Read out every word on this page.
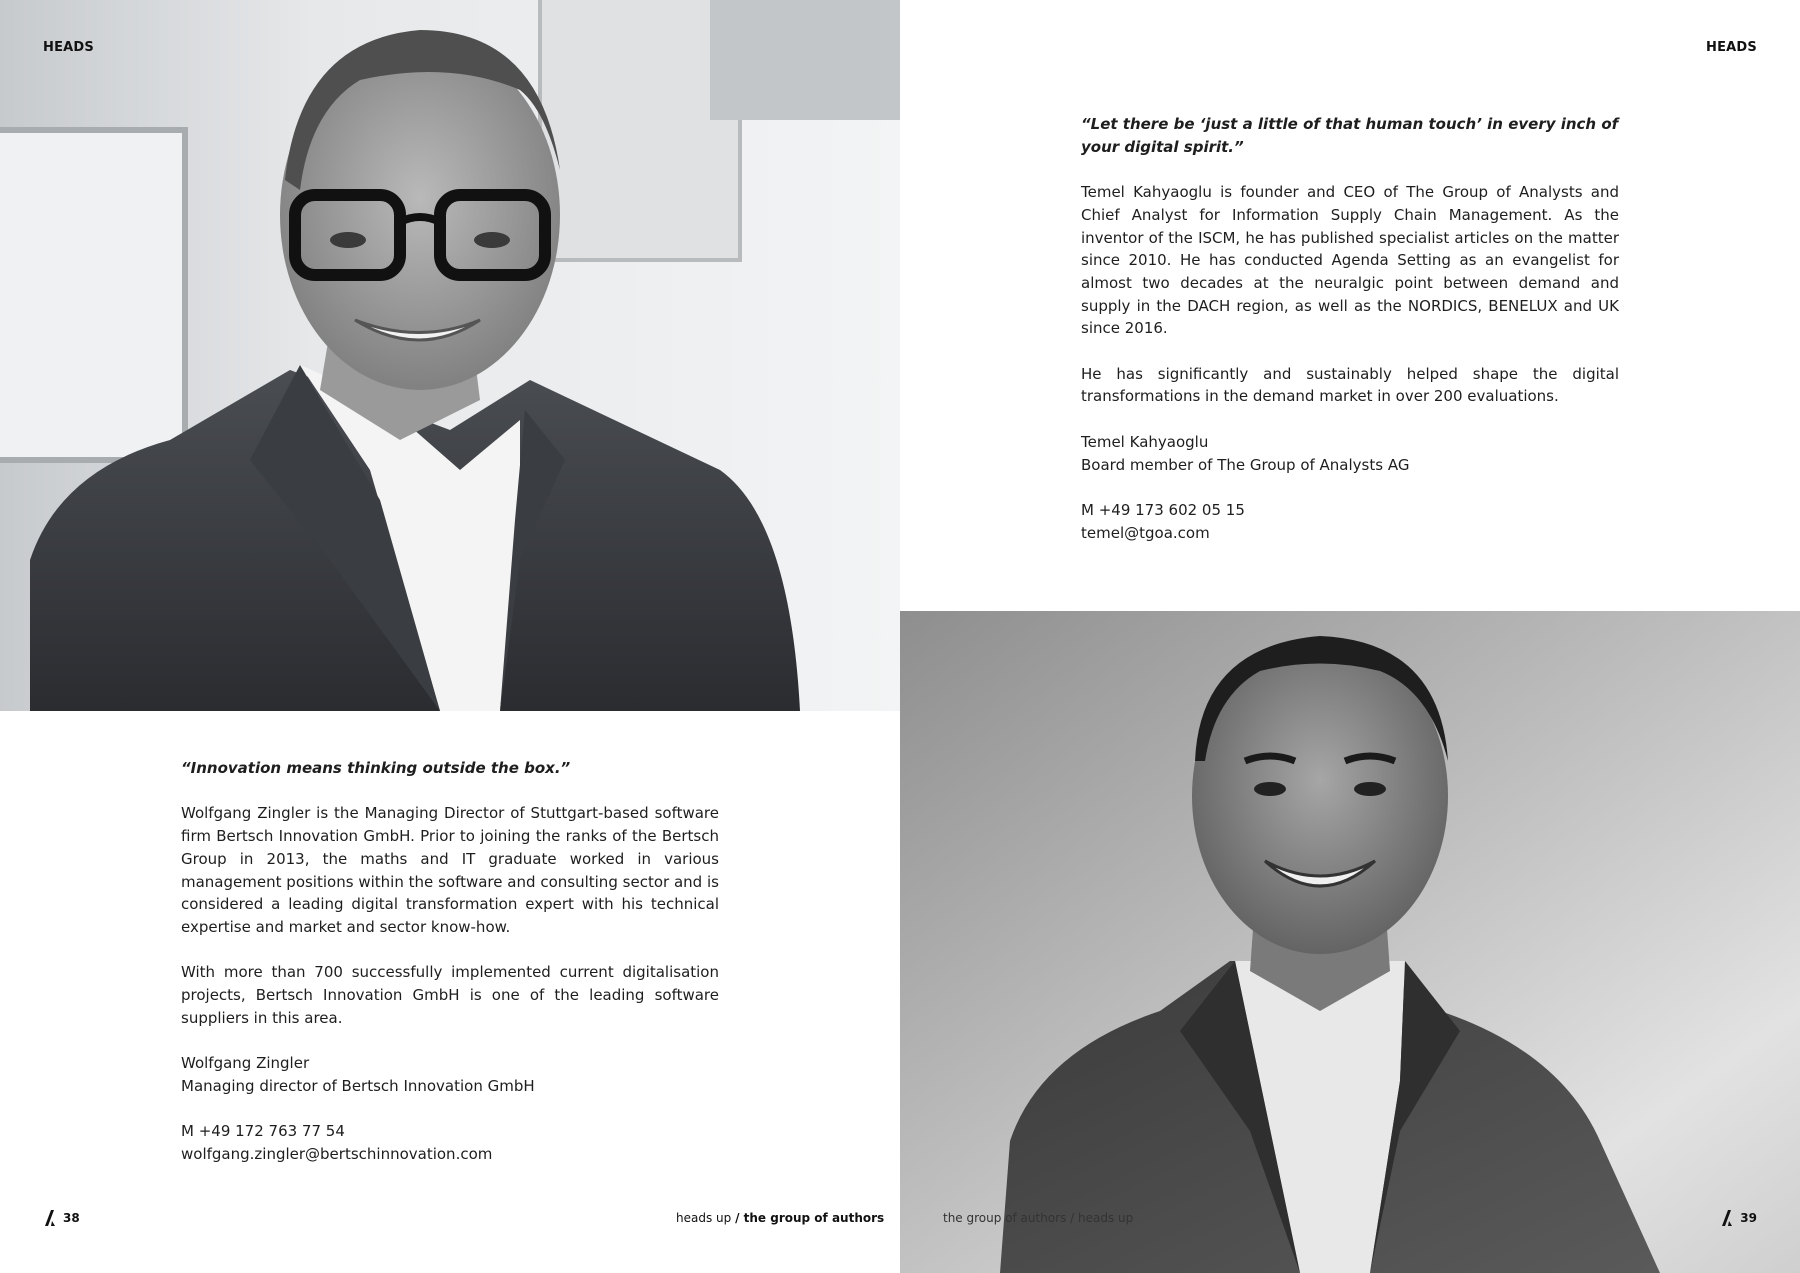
HEADS

“Innovation means thinking outside the box.”

Wolfgang Zingler is the Managing Director of Stuttgart-based software firm Bertsch Innovation GmbH. Prior to joining the ranks of the Bertsch Group in 2013, the maths and IT graduate worked in various management positions within the software and consulting sector and is considered a leading digital transformation expert with his technical expertise and market and sector know-how.

With more than 700 successfully implemented current digitalisation projects, Bertsch Innovation GmbH is one of the leading software suppliers in this area.

Wolfgang Zingler
Managing director of Bertsch Innovation GmbH

M +49 172 763 77 54
wolfgang.zingler@bertschinnovation.com

38	heads up / the group of authors
HEADS

“Let there be ‘just a little of that human touch’ in every inch of your digital spirit.”

Temel Kahyaoglu is founder and CEO of The Group of Analysts and Chief Analyst for Information Supply Chain Management. As the inventor of the ISCM, he has published specialist articles on the matter since 2010. He has conducted Agenda Setting as an evangelist for almost two decades at the neuralgic point between demand and supply in the DACH region, as well as the NORDICS, BENELUX and UK since 2016.

He has significantly and sustainably helped shape the digital transformations in the demand market in over 200 evaluations.

Temel Kahyaoglu
Board member of The Group of Analysts AG

M +49 173 602 05 15
temel@tgoa.com

the group of authors / heads up	39
